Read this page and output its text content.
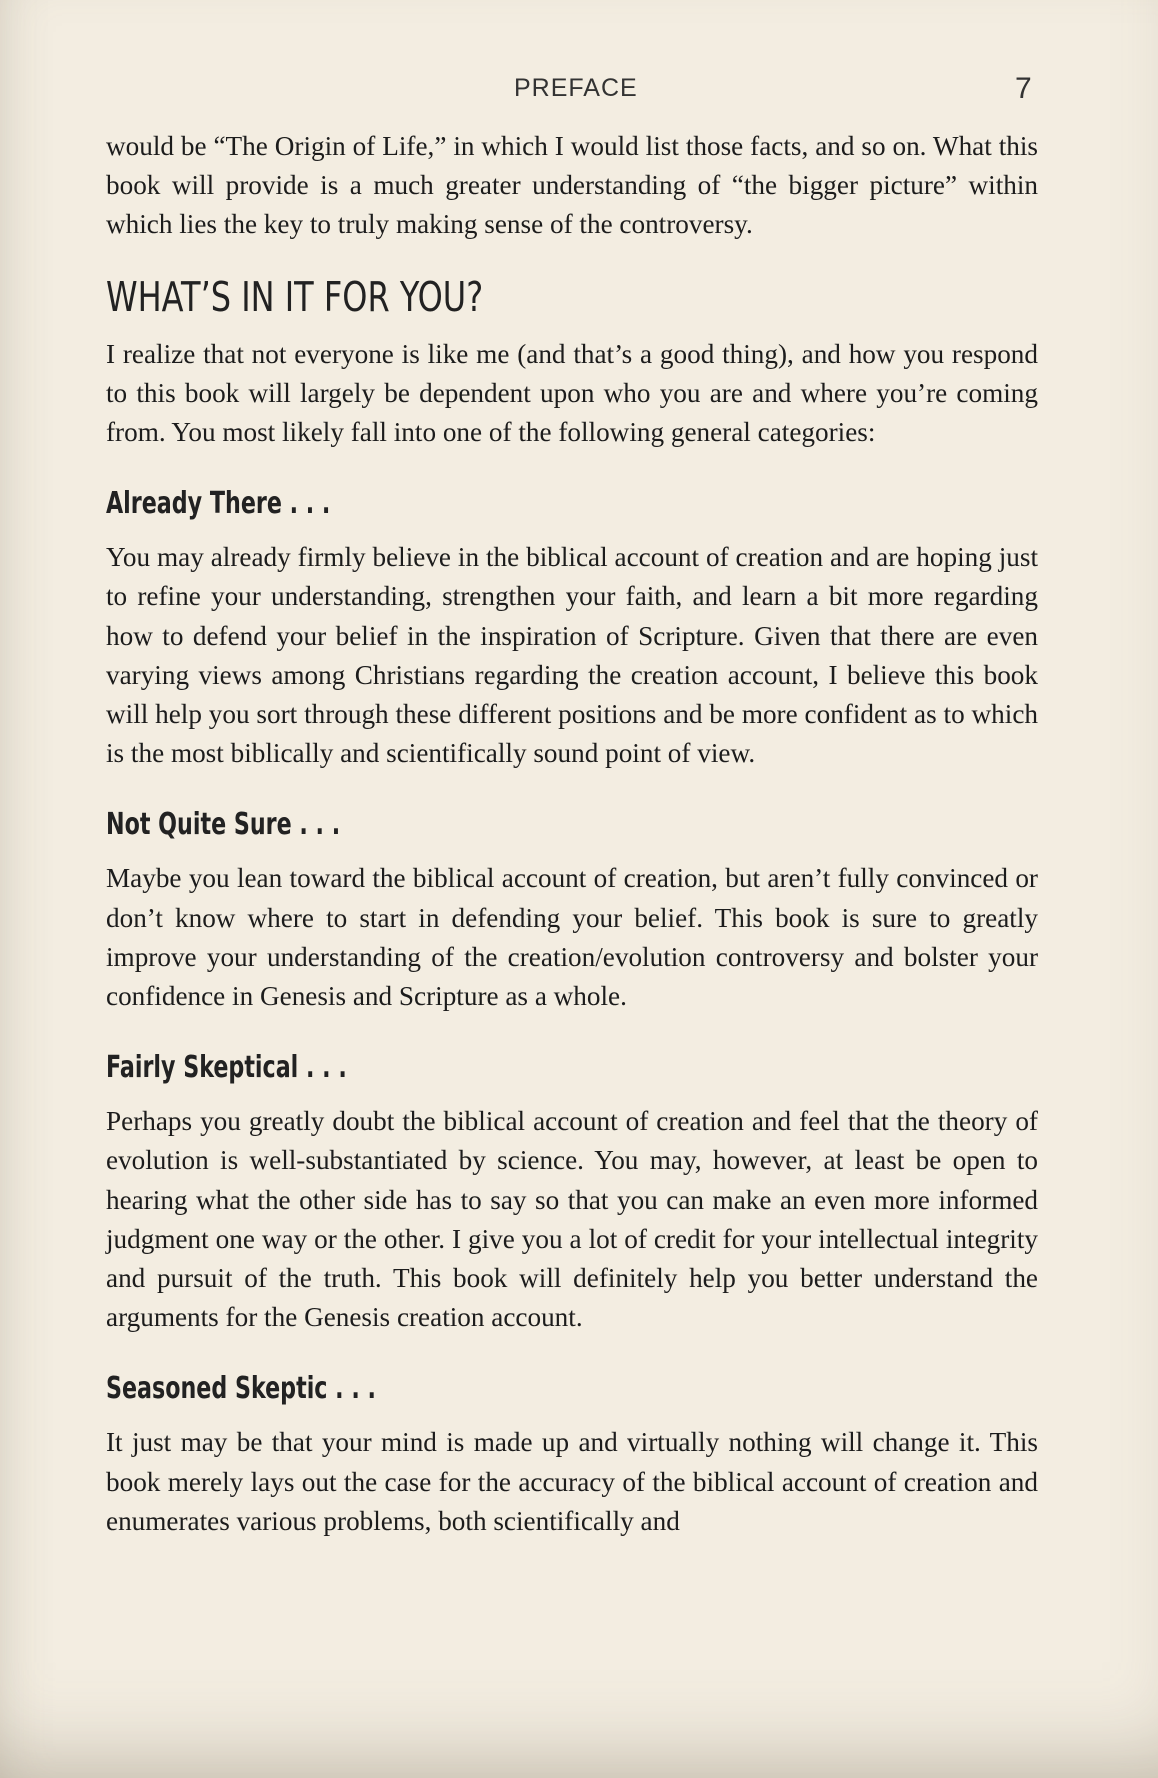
PREFACE	7

would be “The Origin of Life,” in which I would list those facts, and so on. What this book will provide is a much greater understanding of “the bigger picture” within which lies the key to truly making sense of the controversy.

WHAT’S IN IT FOR YOU?

I realize that not everyone is like me (and that’s a good thing), and how you respond to this book will largely be dependent upon who you are and where you’re coming from. You most likely fall into one of the following general categories:

Already There . . .

You may already firmly believe in the biblical account of creation and are hoping just to refine your understanding, strengthen your faith, and learn a bit more regarding how to defend your belief in the inspiration of Scripture. Given that there are even varying views among Christians regarding the creation account, I believe this book will help you sort through these different positions and be more confident as to which is the most biblically and scientifically sound point of view.

Not Quite Sure . . .

Maybe you lean toward the biblical account of creation, but aren’t fully convinced or don’t know where to start in defending your belief. This book is sure to greatly improve your understanding of the creation/evolution controversy and bolster your confidence in Genesis and Scripture as a whole.

Fairly Skeptical . . .

Perhaps you greatly doubt the biblical account of creation and feel that the theory of evolution is well-substantiated by science. You may, however, at least be open to hearing what the other side has to say so that you can make an even more informed judgment one way or the other. I give you a lot of credit for your intellectual integrity and pursuit of the truth. This book will definitely help you better understand the arguments for the Genesis creation account.

Seasoned Skeptic . . .

It just may be that your mind is made up and virtually nothing will change it. This book merely lays out the case for the accuracy of the biblical account of creation and enumerates various problems, both scientifically and
